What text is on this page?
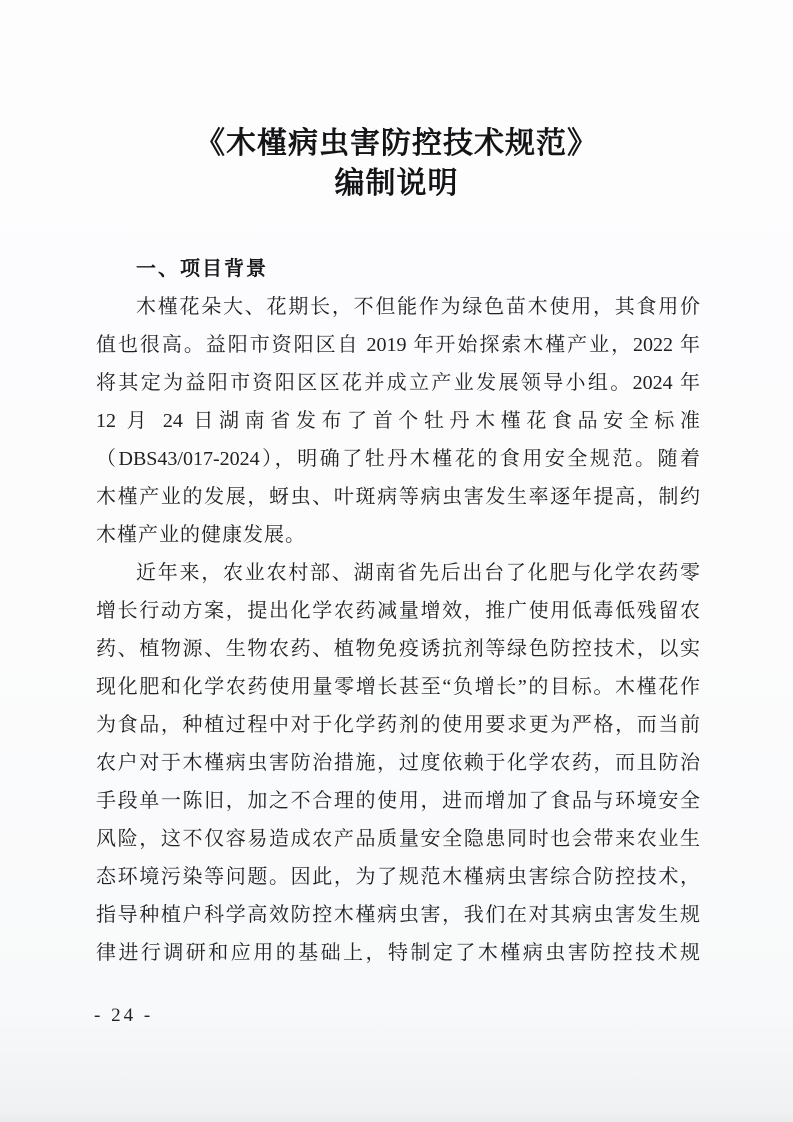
《木槿病虫害防控技术规范》
编制说明
一、项目背景
木槿花朵大、花期长，不但能作为绿色苗木使用，其食用价
值也很高。益阳市资阳区自 2019 年开始探索木槿产业，2022 年
将其定为益阳市资阳区区花并成立产业发展领导小组。2024 年
12 月 24 日湖南省发布了首个牡丹木槿花食品安全标准
（DBS43/017-2024），明确了牡丹木槿花的食用安全规范。随着
木槿产业的发展，蚜虫、叶斑病等病虫害发生率逐年提高，制约
木槿产业的健康发展。
近年来，农业农村部、湖南省先后出台了化肥与化学农药零
增长行动方案，提出化学农药减量增效，推广使用低毒低残留农
药、植物源、生物农药、植物免疫诱抗剂等绿色防控技术，以实
现化肥和化学农药使用量零增长甚至“负增长”的目标。木槿花作
为食品，种植过程中对于化学药剂的使用要求更为严格，而当前
农户对于木槿病虫害防治措施，过度依赖于化学农药，而且防治
手段单一陈旧，加之不合理的使用，进而增加了食品与环境安全
风险，这不仅容易造成农产品质量安全隐患同时也会带来农业生
态环境污染等问题。因此，为了规范木槿病虫害综合防控技术，
指导种植户科学高效防控木槿病虫害，我们在对其病虫害发生规
律进行调研和应用的基础上，特制定了木槿病虫害防控技术规
- 24 -
